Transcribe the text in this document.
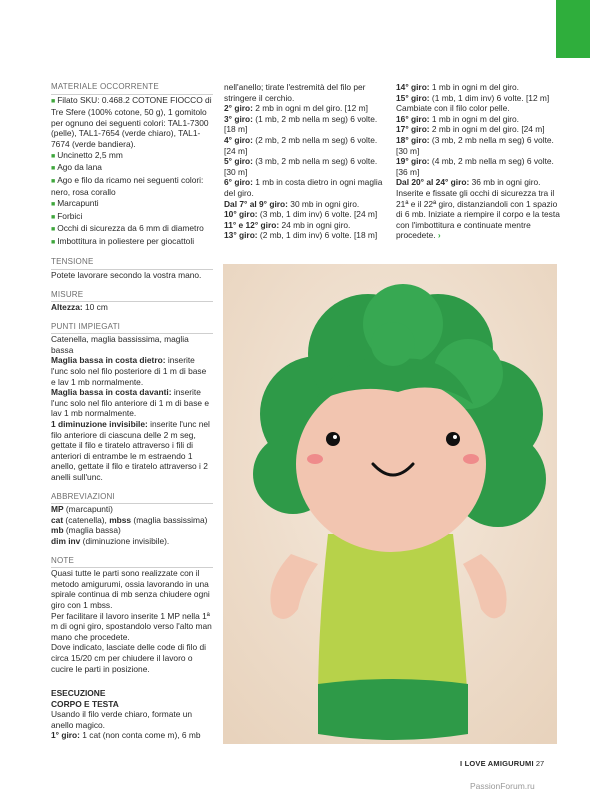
MATERIALE OCCORRENTE
■ Filato SKU: 0.468.2 COTONE FIOCCO di Tre Sfere (100% cotone, 50 g), 1 gomitolo per ognuno dei seguenti colori: TAL1-7300 (pelle), TAL1-7654 (verde chiaro), TAL1-7674 (verde bandiera).
■ Uncinetto 2,5 mm
■ Ago da lana
■ Ago e filo da ricamo nei seguenti colori: nero, rosa corallo
■ Marcapunti
■ Forbici
■ Occhi di sicurezza da 6 mm di diametro
■ Imbottitura in poliestere per giocattoli
TENSIONE
Potete lavorare secondo la vostra mano.
MISURE
Altezza: 10 cm
PUNTI IMPIEGATI
Catenella, maglia bassissima, maglia bassa
Maglia bassa in costa dietro: inserite l'unc solo nel filo posteriore di 1 m di base e lav 1 mb normalmente.
Maglia bassa in costa davanti: inserite l'unc solo nel filo anteriore di 1 m di base e lav 1 mb normalmente.
1 diminuzione invisibile: inserite l'unc nel filo anteriore di ciascuna delle 2 m seg, gettate il filo e tiratelo attraverso i fili di anteriori di entrambe le m estraendo 1 anello, gettate il filo e tiratelo attraverso i 2 anelli sull'unc.
ABBREVIAZIONI
MP (marcapunti)
cat (catenella), mbss (maglia bassissima)
mb (maglia bassa)
dim inv (diminuzione invisibile).
NOTE
Quasi tutte le parti sono realizzate con il metodo amigurumi, ossia lavorando in una spirale continua di mb senza chiudere ogni giro con 1 mbss.
Per facilitare il lavoro inserite 1 MP nella 1ª m di ogni giro, spostandolo verso l'alto man mano che procedete.
Dove indicato, lasciate delle code di filo di circa 15/20 cm per chiudere il lavoro o cucire le parti in posizione.
ESECUZIONE
CORPO E TESTA
Usando il filo verde chiaro, formate un anello magico.
1° giro: 1 cat (non conta come m), 6 mb
nell'anello; tirate l'estremità del filo per stringere il cerchio.
2° giro: 2 mb in ogni m del giro. [12 m]
3° giro: (1 mb, 2 mb nella m seg) 6 volte. [18 m]
4° giro: (2 mb, 2 mb nella m seg) 6 volte. [24 m]
5° giro: (3 mb, 2 mb nella m seg) 6 volte. [30 m]
6° giro: 1 mb in costa dietro in ogni maglia del giro.
Dal 7° al 9° giro: 30 mb in ogni giro.
10° giro: (3 mb, 1 dim inv) 6 volte. [24 m]
11° e 12° giro: 24 mb in ogni giro.
13° giro: (2 mb, 1 dim inv) 6 volte. [18 m]
14° giro: 1 mb in ogni m del giro.
15° giro: (1 mb, 1 dim inv) 6 volte. [12 m]
Cambiate con il filo color pelle.
16° giro: 1 mb in ogni m del giro.
17° giro: 2 mb in ogni m del giro. [24 m]
18° giro: (3 mb, 2 mb nella m seg) 6 volte. [30 m]
19° giro: (4 mb, 2 mb nella m seg) 6 volte. [36 m]
Dal 20° al 24° giro: 36 mb in ogni giro.
Inserite e fissate gli occhi di sicurezza tra il 21ª e il 22ª giro, distanziandoli con 1 spazio di 6 mb. Iniziate a riempire il corpo e la testa con l'imbottitura e continuate mentre procedete. ›
I LOVE AMIGURUMI 27
PassionForum.ru
